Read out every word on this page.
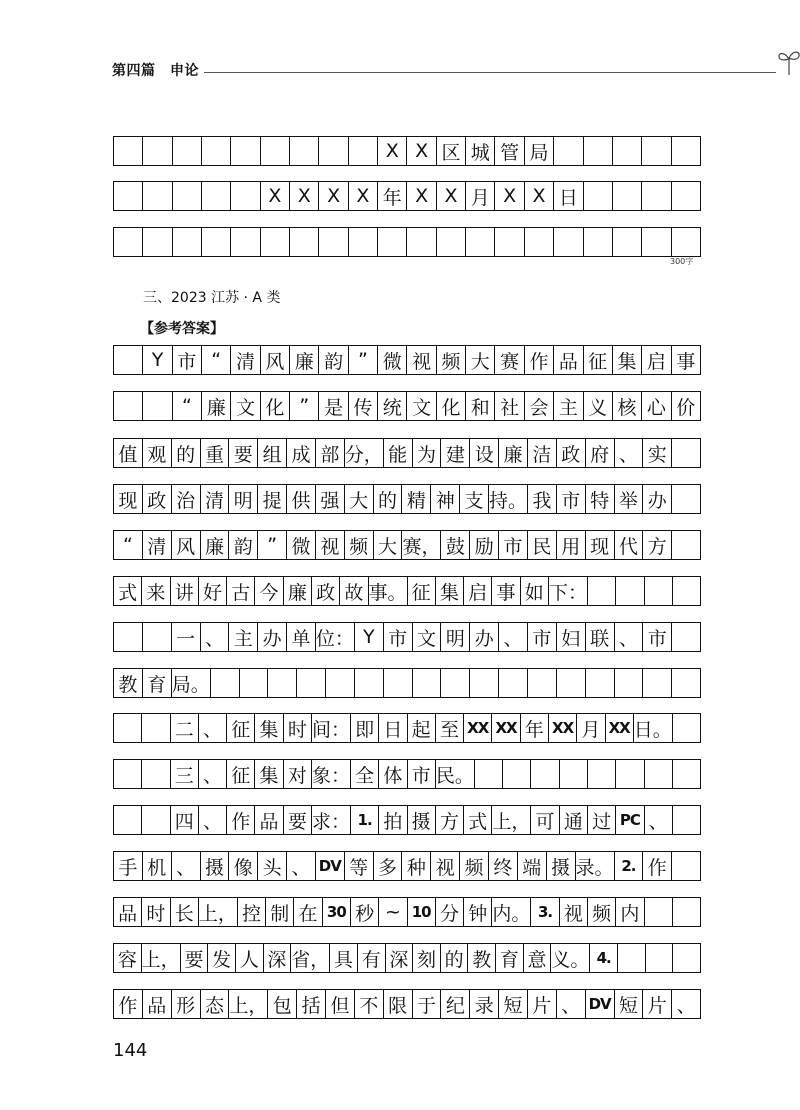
第四篇　申论
X X 区 城 管 局
X X X X 年 X X 月 X X 日
Y 市 “ 清 风 廉 韵 ” 微 视 频 大 赛 作 品 征 集 启 事
“ 廉 文 化 ” 是 传 统 文 化 和 社 会 主 义 核 心 价
值 观 的 重 要 组 成 部 分， 能 为 建 设 廉 洁 政 府 、 实
现 政 治 清 明 提 供 强 大 的 精 神 支 持。 我 市 特 举 办
“ 清 风 廉 韵 ” 微 视 频 大 赛， 鼓 励 市 民 用 现 代 方
式 来 讲 好 古 今 廉 政 故 事。 征 集 启 事 如 下：
一 、 主 办 单 位： Y 市 文 明 办 、 市 妇 联 、 市
教 育 局。
二 、 征 集 时 间： 即 日 起 至 XX XX 年 XX 月 XX 日。
三 、 征 集 对 象： 全 体 市 民。
四 、 作 品 要 求： 1. 拍 摄 方 式 上， 可 通 过 PC 、
手 机 、 摄 像 头 、 DV 等 多 种 视 频 终 端 摄 录。 2. 作
品 时 长 上， 控 制 在 30 秒 ~ 10 分 钟 内。 3. 视 频 内
容 上， 要 发 人 深 省， 具 有 深 刻 的 教 育 意 义。 4.
作 品 形 态 上， 包 括 但 不 限 于 纪 录 短 片 、 DV 短 片 、
300字
三、2023 江苏 · A 类
【参考答案】
144
